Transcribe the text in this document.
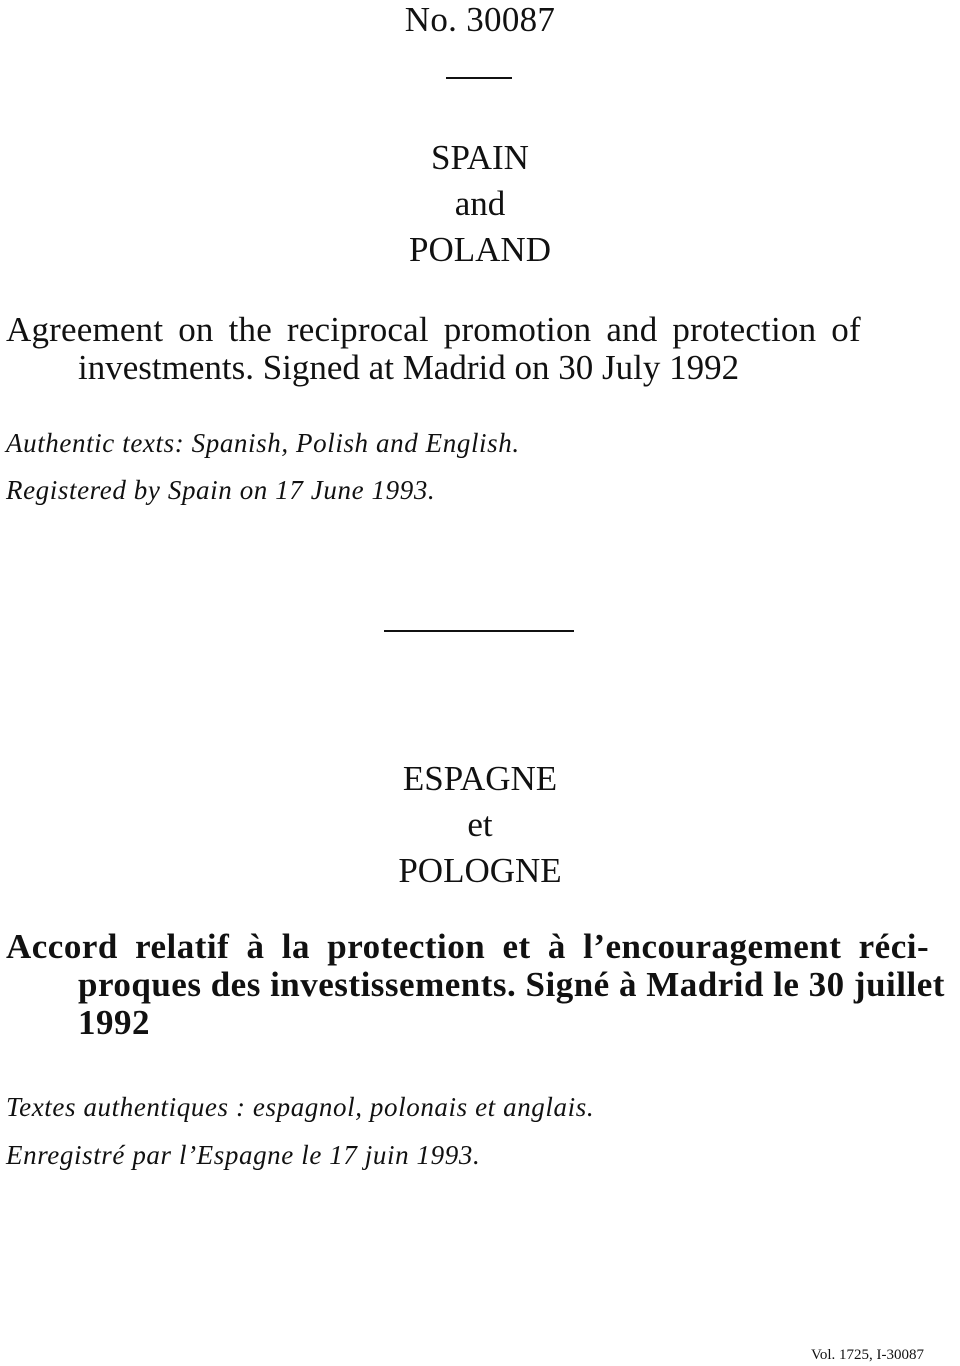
No. 30087
SPAIN
and
POLAND

Agreement on the reciprocal promotion and protection of
investments. Signed at Madrid on 30 July 1992

Authentic texts: Spanish, Polish and English.

Registered by Spain on 17 June 1993.

ESPAGNE
et
POLOGNE

Accord relatif à la protection et à l’encouragement réci-
proques des investissements. Signé à Madrid le 30 juillet
1992

Textes authentiques : espagnol, polonais et anglais.

Enregistré par l’Espagne le 17 juin 1993.

Vol. 1725, I-30087
